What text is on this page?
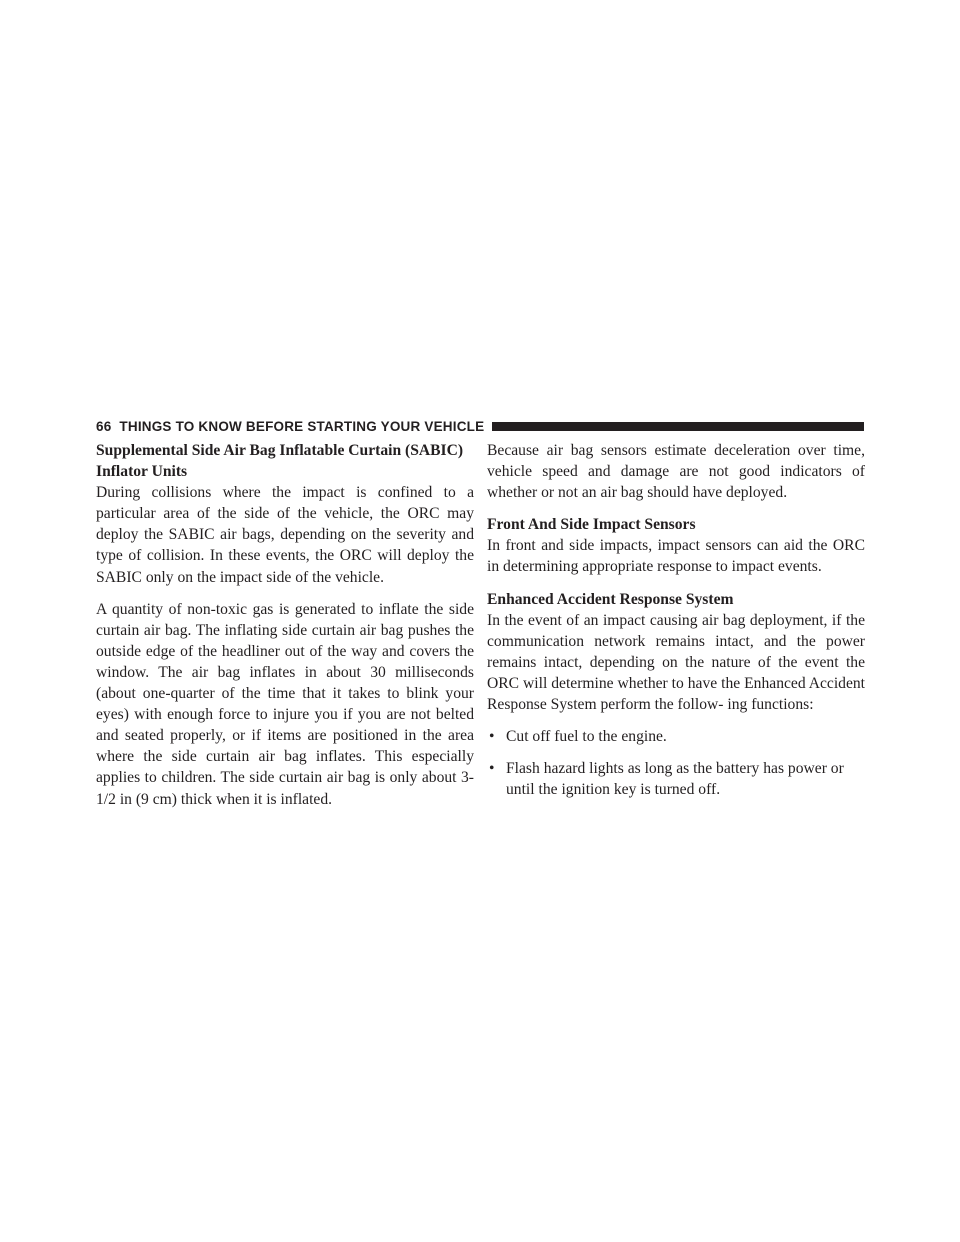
66 THINGS TO KNOW BEFORE STARTING YOUR VEHICLE
Supplemental Side Air Bag Inflatable Curtain (SABIC) Inflator Units

During collisions where the impact is confined to a particular area of the side of the vehicle, the ORC may deploy the SABIC air bags, depending on the severity and type of collision. In these events, the ORC will deploy the SABIC only on the impact side of the vehicle.

A quantity of non-toxic gas is generated to inflate the side curtain air bag. The inflating side curtain air bag pushes the outside edge of the headliner out of the way and covers the window. The air bag inflates in about 30 milliseconds (about one-quarter of the time that it takes to blink your eyes) with enough force to injure you if you are not belted and seated properly, or if items are positioned in the area where the side curtain air bag inflates. This especially applies to children. The side curtain air bag is only about 3-1/2 in (9 cm) thick when it is inflated.

Because air bag sensors estimate deceleration over time, vehicle speed and damage are not good indicators of whether or not an air bag should have deployed.

Front And Side Impact Sensors

In front and side impacts, impact sensors can aid the ORC in determining appropriate response to impact events.

Enhanced Accident Response System

In the event of an impact causing air bag deployment, if the communication network remains intact, and the power remains intact, depending on the nature of the event the ORC will determine whether to have the Enhanced Accident Response System perform the follow- ing functions:

• Cut off fuel to the engine.
• Flash hazard lights as long as the battery has power or until the ignition key is turned off.
